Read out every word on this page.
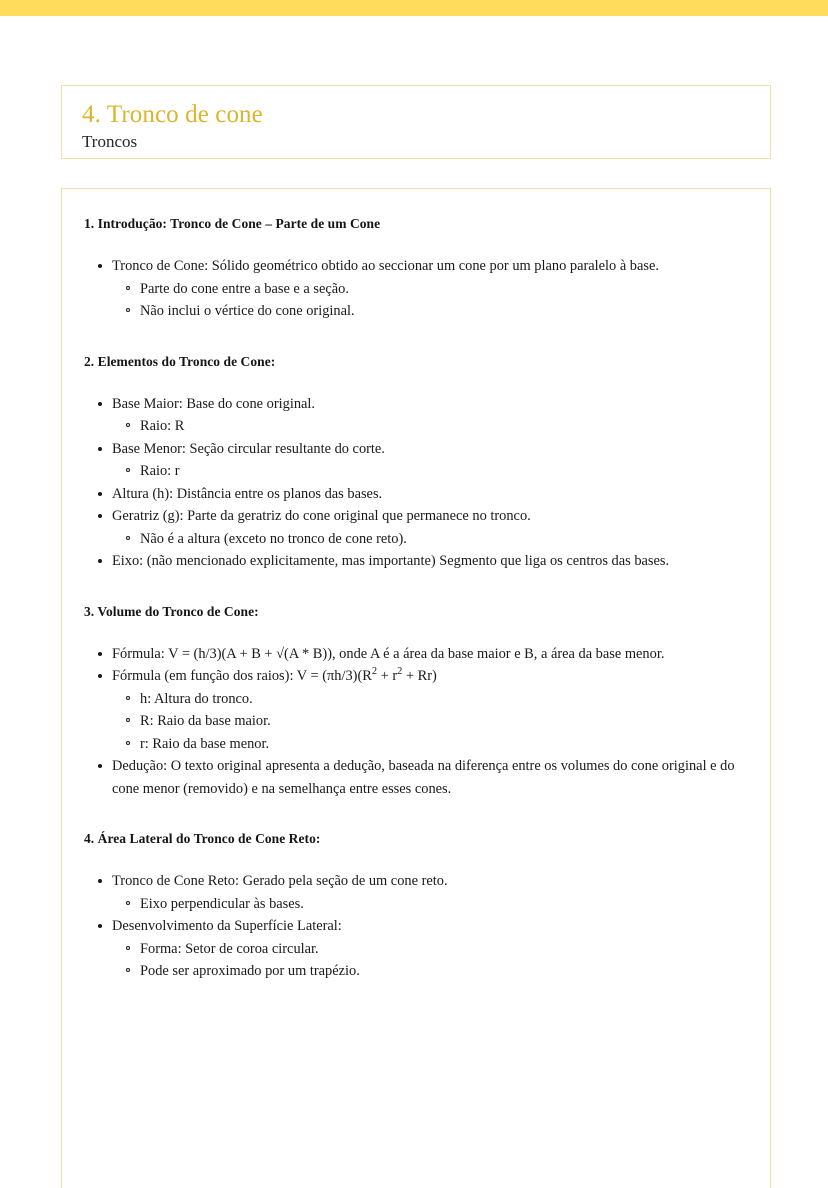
4. Tronco de cone
Troncos
1. Introdução: Tronco de Cone – Parte de um Cone
Tronco de Cone: Sólido geométrico obtido ao seccionar um cone por um plano paralelo à base.
Parte do cone entre a base e a seção.
Não inclui o vértice do cone original.
2. Elementos do Tronco de Cone:
Base Maior: Base do cone original.
Raio: R
Base Menor: Seção circular resultante do corte.
Raio: r
Altura (h): Distância entre os planos das bases.
Geratriz (g): Parte da geratriz do cone original que permanece no tronco.
Não é a altura (exceto no tronco de cone reto).
Eixo: (não mencionado explicitamente, mas importante) Segmento que liga os centros das bases.
3. Volume do Tronco de Cone:
Fórmula: V = (h/3)(A + B + √(A * B)), onde A é a área da base maior e B, a área da base menor.
Fórmula (em função dos raios): $V = (\pi h/3)(R^2 + r^2 + Rr)$
h: Altura do tronco.
R: Raio da base maior.
r: Raio da base menor.
Dedução: O texto original apresenta a dedução, baseada na diferença entre os volumes do cone original e do cone menor (removido) e na semelhança entre esses cones.
4. Área Lateral do Tronco de Cone Reto:
Tronco de Cone Reto: Gerado pela seção de um cone reto.
Eixo perpendicular às bases.
Desenvolvimento da Superfície Lateral:
Forma: Setor de coroa circular.
Pode ser aproximado por um trapézio.
